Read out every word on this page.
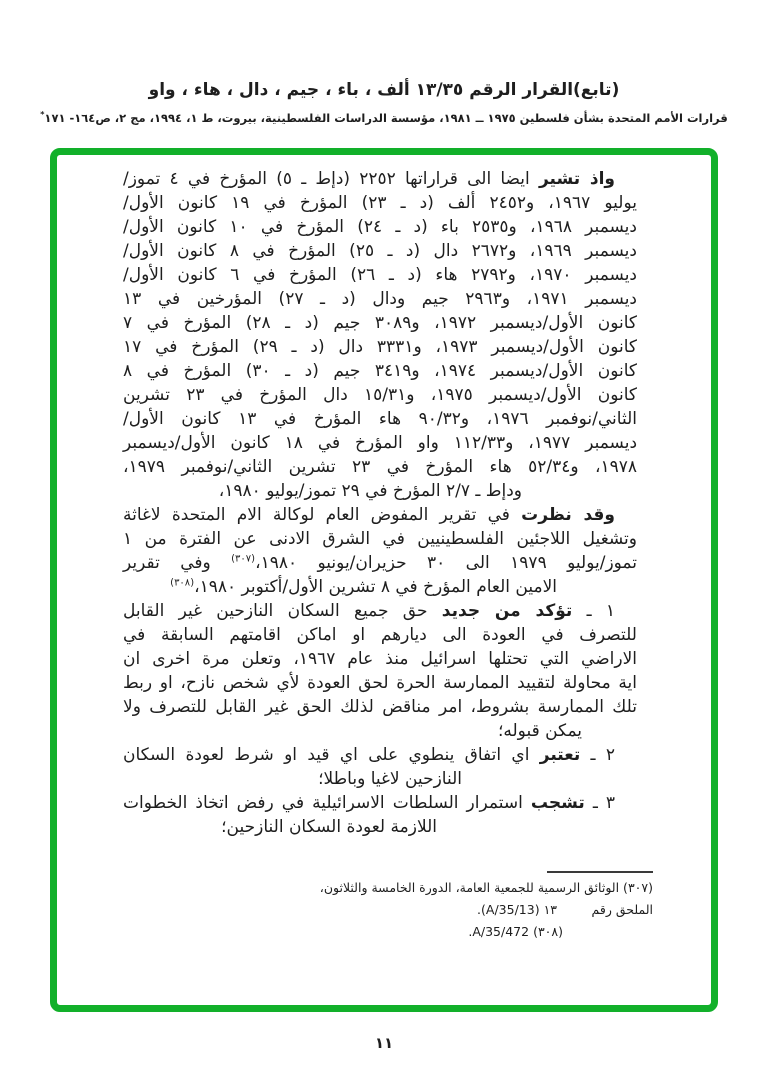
(تابع)القرار الرقم ١٣/٣٥ ألف ، باء ، جيم ، دال ، هاء ، واو
قرارات الأمم المتحدة بشأن فلسطين ١٩٧٥ ــ ١٩٨١، مؤسسة الدراسات الفلسطينية، بيروت، ط ١، ١٩٩٤، مج ٢، ص١٦٤- ١٧١*
واذ تشير ايضا الى قراراتها ٢٢٥٢ (دإط ـ ٥) المؤرخ في ٤ تموز/
يوليو ١٩٦٧، و٢٤٥٢ ألف (د ـ ٢٣) المؤرخ في ١٩ كانون الأول/
ديسمبر ١٩٦٨، و٢٥٣٥ باء (د ـ ٢٤) المؤرخ في ١٠ كانون الأول/
ديسمبر ١٩٦٩، و٢٦٧٢ دال (د ـ ٢٥) المؤرخ في ٨ كانون الأول/
ديسمبر ١٩٧٠، و٢٧٩٢ هاء (د ـ ٢٦) المؤرخ في ٦ كانون الأول/
ديسمبر ١٩٧١، و٢٩٦٣ جيم ودال (د ـ ٢٧) المؤرخين في ١٣
كانون الأول/ديسمبر ١٩٧٢، و٣٠٨٩ جيم (د ـ ٢٨) المؤرخ في ٧
كانون الأول/ديسمبر ١٩٧٣، و٣٣٣١ دال (د ـ ٢٩) المؤرخ في ١٧
كانون الأول/ديسمبر ١٩٧٤، و٣٤١٩ جيم (د ـ ٣٠) المؤرخ في ٨
كانون الأول/ديسمبر ١٩٧٥، و١٥/٣١ دال المؤرخ في ٢٣ تشرين
الثاني/نوفمبر ١٩٧٦، و٩٠/٣٢ هاء المؤرخ في ١٣ كانون الأول/
ديسمبر ١٩٧٧، و١١٢/٣٣ واو المؤرخ في ١٨ كانون الأول/ديسمبر
١٩٧٨، و٥٢/٣٤ هاء المؤرخ في ٢٣ تشرين الثاني/نوفمبر ١٩٧٩،
ودإط ـ ٢/٧ المؤرخ في ٢٩ تموز/يوليو ١٩٨٠،
وقد نظرت في تقرير المفوض العام لوكالة الام المتحدة لاغاثة
وتشغيل اللاجئين الفلسطينيين في الشرق الادنى عن الفترة من ١
تموز/يوليو ١٩٧٩ الى ٣٠ حزيران/يونيو ١٩٨٠،$^{(٣٠٧)}$ وفي تقرير
الامين العام المؤرخ في ٨ تشرين الأول/أكتوبر ١٩٨٠،$^{(٣٠٨)}$
١ ـ تؤكد من جديد حق جميع السكان النازحين غير القابل
للتصرف في العودة الى ديارهم او اماكن اقامتهم السابقة في
الاراضي التي تحتلها اسرائيل منذ عام ١٩٦٧، وتعلن مرة اخرى ان
اية محاولة لتقييد الممارسة الحرة لحق العودة لأي شخص نازح، او ربط
تلك الممارسة بشروط، امر مناقض لذلك الحق غير القابل للتصرف ولا
يمكن قبوله؛
٢ ـ تعتبر اي اتفاق ينطوي على اي قيد او شرط لعودة السكان
النازحين لاغيا وباطلا؛
٣ ـ تشجب استمرار السلطات الاسرائيلية في رفض اتخاذ الخطوات
اللازمة لعودة السكان النازحين؛
(٣٠٧) الوثائق الرسمية للجمعية العامة، الدورة الخامسة والثلاثون، الملحق رقم
١٣ (A/35/13).
(٣٠٨) A/35/472.
١١
